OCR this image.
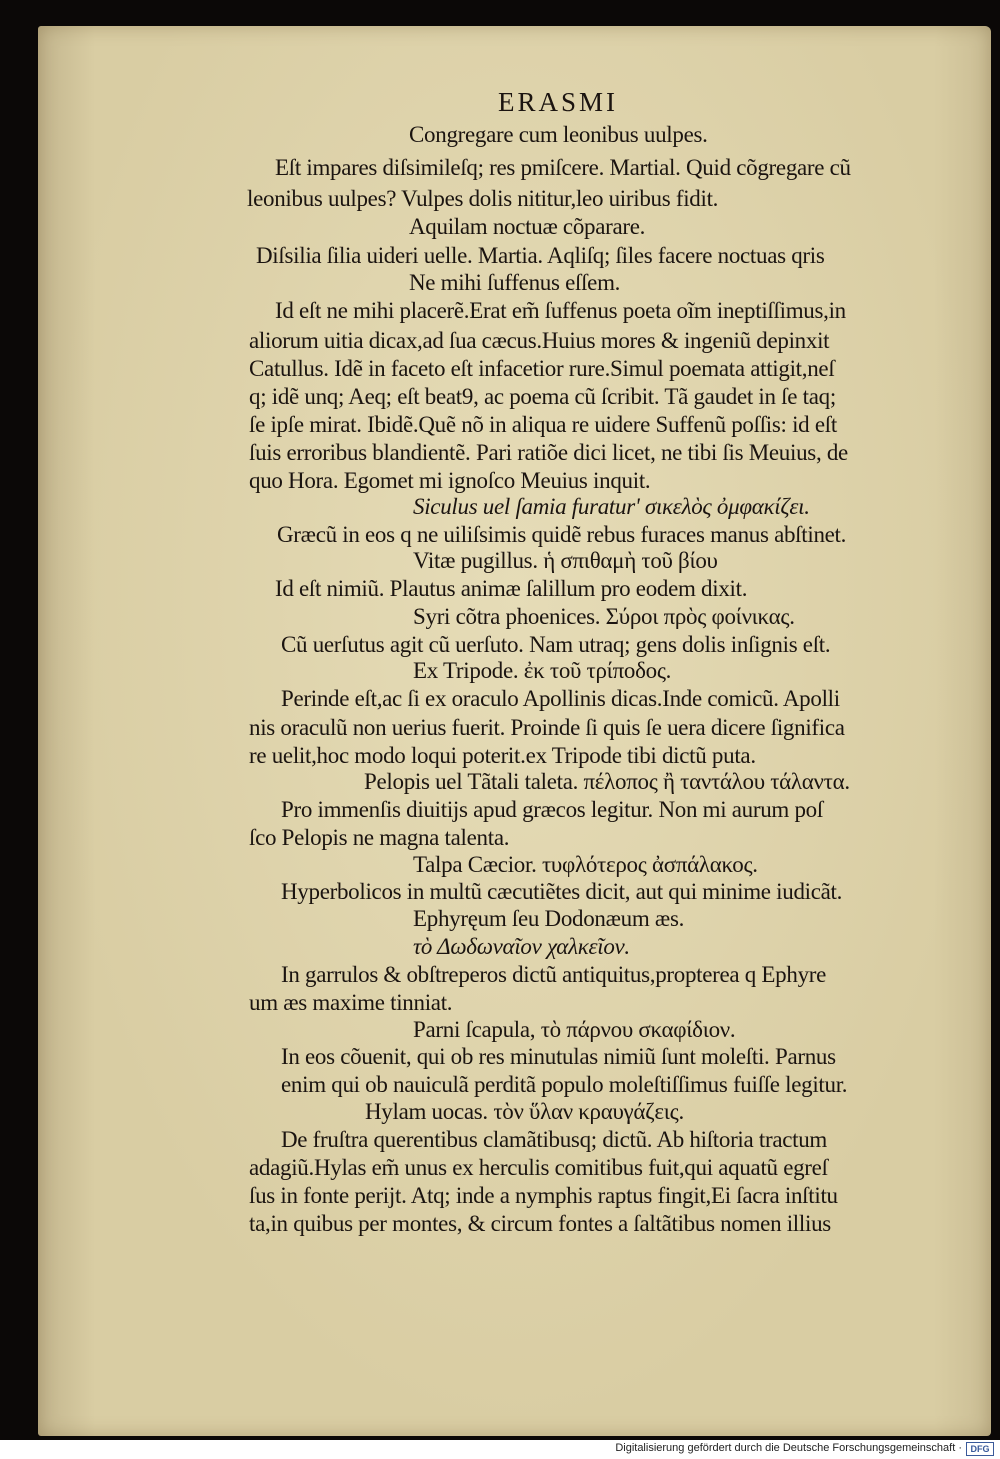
ERASMI
Congregare cum leonibus uulpes.
Eſt impares diſsimileſq; res pmiſcere. Martial. Quid cõgregare cũ
leonibus uulpes? Vulpes dolis nititur,leo uiribus fidit.
Aquilam noctuæ cõparare.
Diſsilia ſilia uideri uelle. Martia. Aqliſq; ſiles facere noctuas qris
Ne mihi ſuffenus eſſem.
Id eſt ne mihi placerẽ.Erat em̃ ſuffenus poeta oĩm ineptiſſimus,in
aliorum uitia dicax,ad ſua cæcus.Huius mores & ingeniũ depinxit
Catullus. Idẽ in faceto eſt infacetior rure.Simul poemata attigit,neſ
q; idẽ unq; Aeq; eſt beat9, ac poema cũ ſcribit. Tã gaudet in ſe taq;
ſe ipſe mirat. Ibidẽ.Quẽ nõ in aliqua re uidere Suffenũ poſſis: id eſt
ſuis erroribus blandientẽ. Pari ratiõe dici licet, ne tibi ſis Meuius, de
quo Hora. Egomet mi ignoſco Meuius inquit.
Siculus uel ſamia furatur' σικελὸς ὀμφακίζει.
Græcũ in eos q ne uiliſsimis quidẽ rebus furaces manus abſtinet.
Vitæ pugillus. ἡ σπιθαμὴ τοῦ βίου
Id eſt nimiũ. Plautus animæ ſalillum pro eodem dixit.
Syri cõtra phoenices. Σύροι πρὸς φοίνικας.
Cũ uerſutus agit cũ uerſuto. Nam utraq; gens dolis inſignis eſt.
Ex Tripode. ἐκ τοῦ τρίποδος.
Perinde eſt,ac ſi ex oraculo Apollinis dicas.Inde comicũ. Apolli
nis oraculũ non uerius fuerit. Proinde ſi quis ſe uera dicere ſignifica
re uelit,hoc modo loqui poterit.ex Tripode tibi dictũ puta.
Pelopis uel Tãtali taleta. πέλοπος ἢ ταντάλου τάλαντα.
Pro immenſis diuitijs apud græcos legitur. Non mi aurum poſ
ſco Pelopis ne magna talenta.
Talpa Cæcior. τυφλότερος ἀσπάλακος.
Hyperbolicos in multũ cæcutiẽtes dicit, aut qui minime iudicãt.
Ephyręum ſeu Dodonæum æs.
τὸ Δωδωναῖον χαλκεῖον.
In garrulos & obſtreperos dictũ antiquitus,propterea q Ephyre
um æs maxime tinniat.
Parni ſcapula, τὸ πάρνου σκαφίδιον.
In eos cõuenit, qui ob res minutulas nimiũ ſunt moleſti. Parnus
enim qui ob nauiculã perditã populo moleſtiſſimus fuiſſe legitur.
Hylam uocas. τὸν ὕλαν κραυγάζεις.
De fruſtra querentibus clamãtibusq; dictũ. Ab hiſtoria tractum
adagiũ.Hylas em̃ unus ex herculis comitibus fuit,qui aquatũ egreſ
ſus in fonte perijt. Atq; inde a nymphis raptus fingit,Ei ſacra inſtitu
ta,in quibus per montes, & circum fontes a ſaltãtibus nomen illius
Digitalisierung gefördert durch die Deutsche Forschungsgemeinschaft · DFG
